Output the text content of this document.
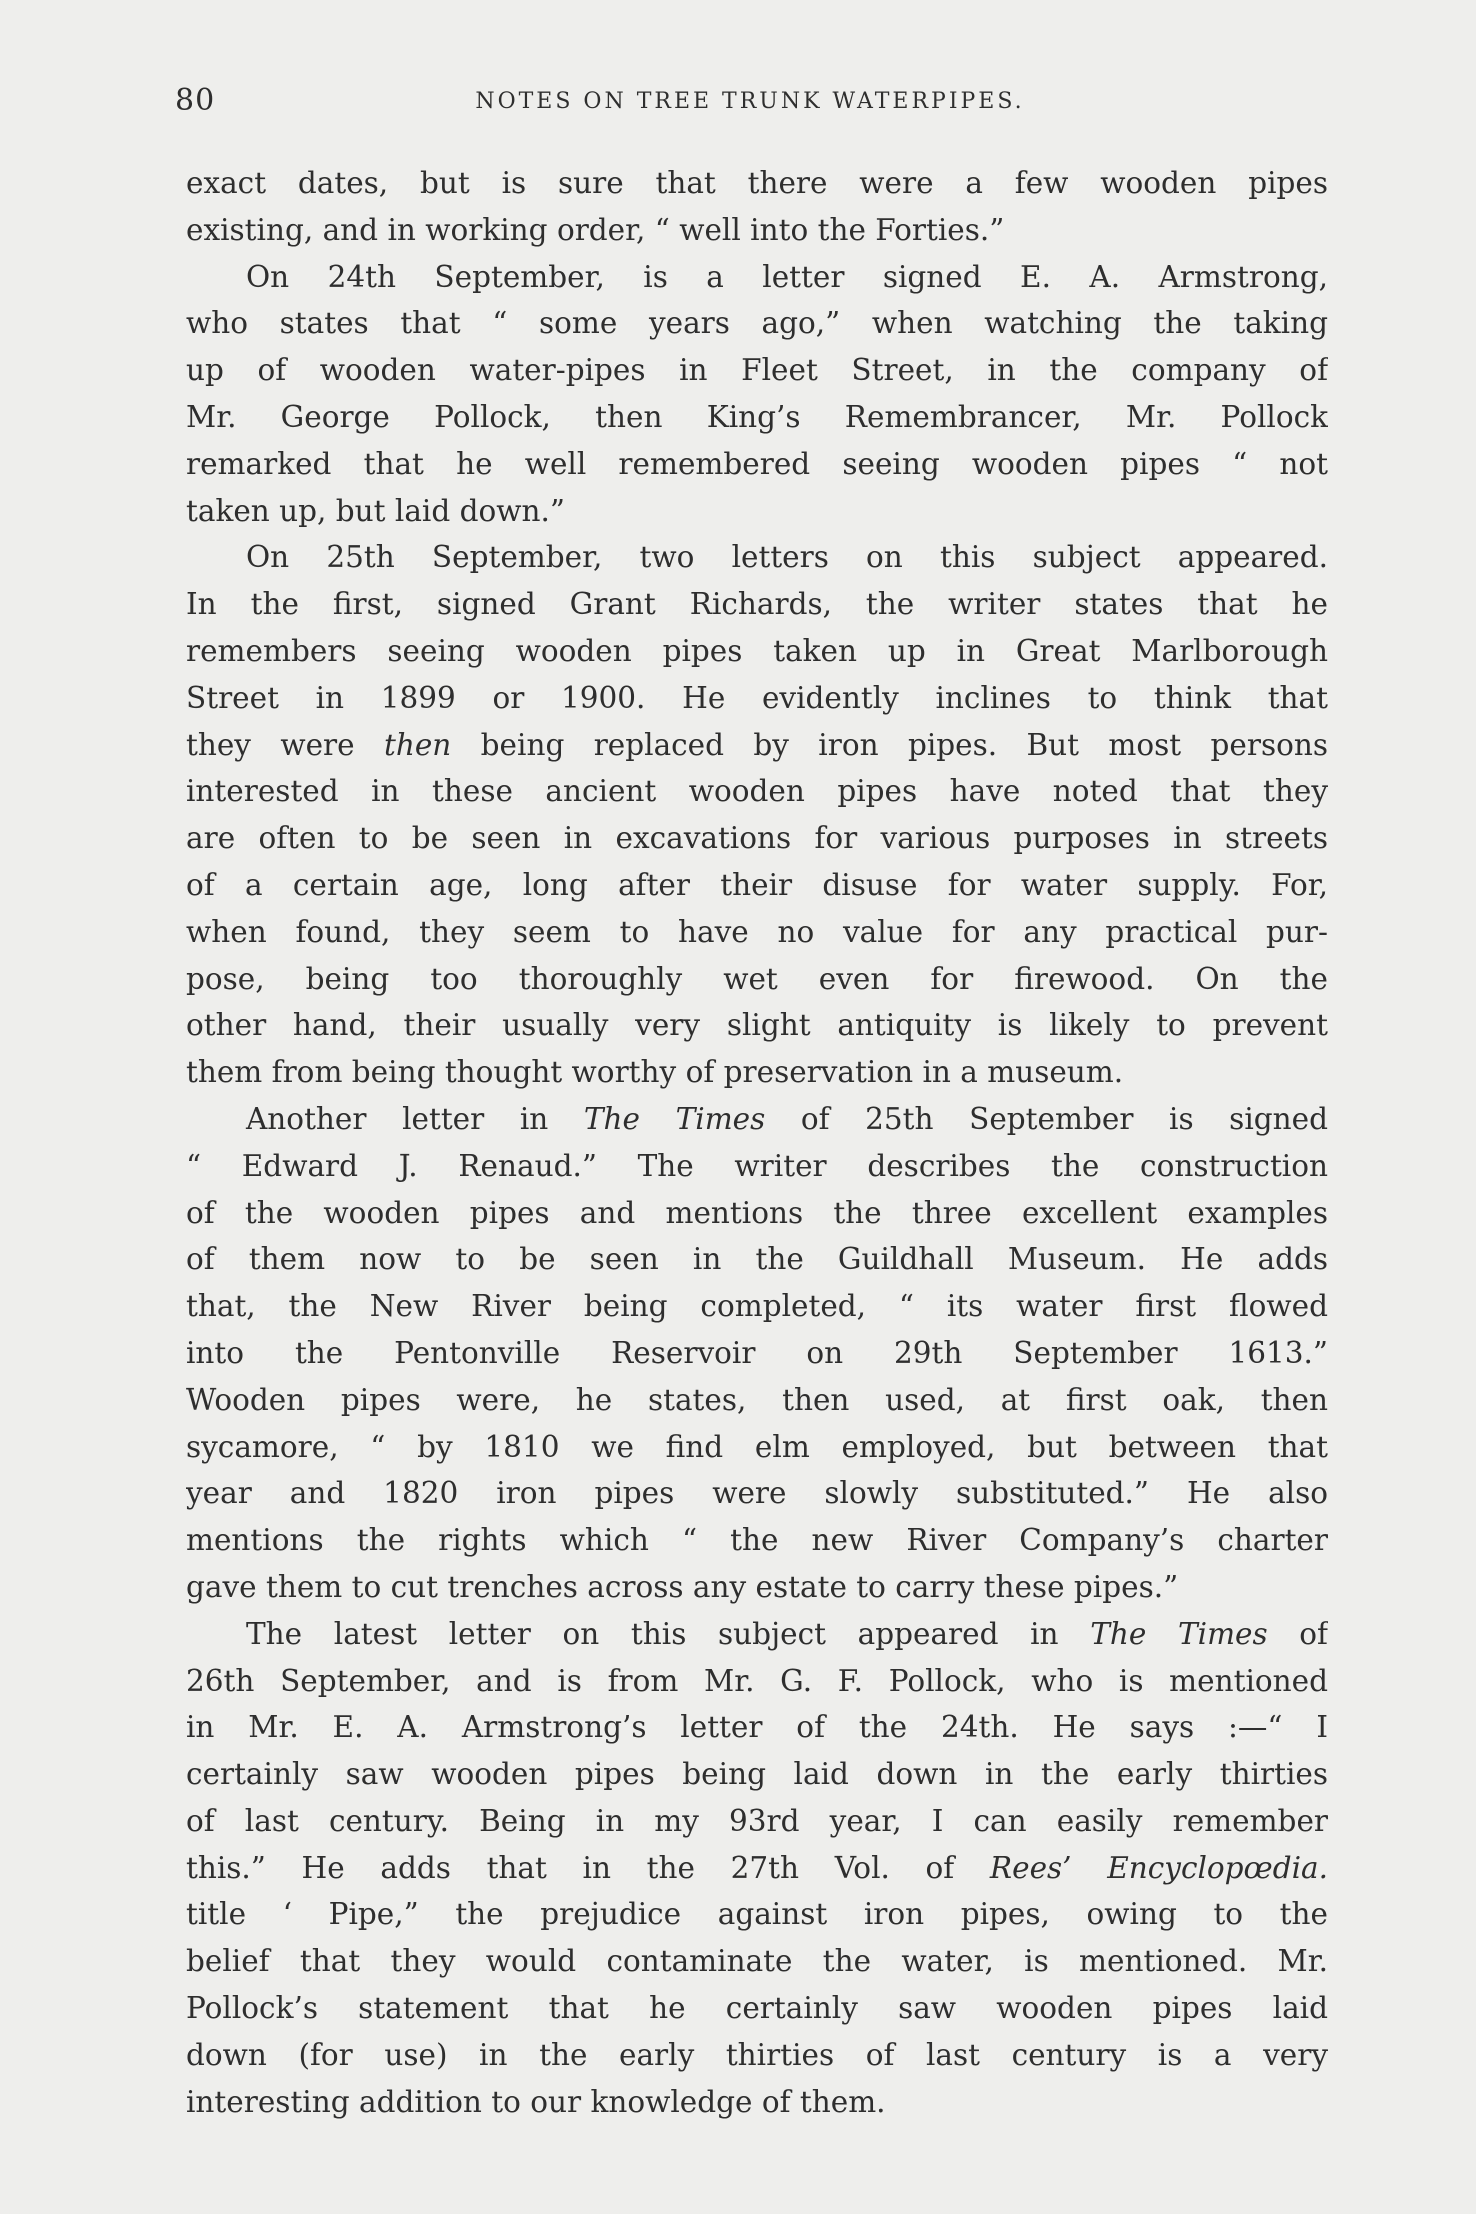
80	NOTES ON TREE TRUNK WATERPIPES.
exact dates, but is sure that there were a few wooden pipes
existing, and in working order, “ well into the Forties.”
On 24th September, is a letter signed E. A. Armstrong,
who states that “ some years ago,” when watching the taking
up of wooden water-pipes in Fleet Street, in the company of
Mr. George Pollock, then King’s Remembrancer, Mr. Pollock
remarked that he well remembered seeing wooden pipes “ not
taken up, but laid down.”
On 25th September, two letters on this subject appeared.
In the first, signed Grant Richards, the writer states that he
remembers seeing wooden pipes taken up in Great Marlborough
Street in 1899 or 1900. He evidently inclines to think that
they were then being replaced by iron pipes. But most persons
interested in these ancient wooden pipes have noted that they
are often to be seen in excavations for various purposes in streets
of a certain age, long after their disuse for water supply. For,
when found, they seem to have no value for any practical pur-
pose, being too thoroughly wet even for firewood. On the
other hand, their usually very slight antiquity is likely to prevent
them from being thought worthy of preservation in a museum.
Another letter in The Times of 25th September is signed
“ Edward J. Renaud.” The writer describes the construction
of the wooden pipes and mentions the three excellent examples
of them now to be seen in the Guildhall Museum. He adds
that, the New River being completed, “ its water first flowed
into the Pentonville Reservoir on 29th September 1613.”
Wooden pipes were, he states, then used, at first oak, then
sycamore, “ by 1810 we find elm employed, but between that
year and 1820 iron pipes were slowly substituted.” He also
mentions the rights which “ the new River Company’s charter
gave them to cut trenches across any estate to carry these pipes.”
The latest letter on this subject appeared in The Times of
26th September, and is from Mr. G. F. Pollock, who is mentioned
in Mr. E. A. Armstrong’s letter of the 24th. He says :—“ I
certainly saw wooden pipes being laid down in the early thirties
of last century. Being in my 93rd year, I can easily remember
this.” He adds that in the 27th Vol. of Rees’ Encyclopœdia.
title ‘ Pipe,” the prejudice against iron pipes, owing to the
belief that they would contaminate the water, is mentioned. Mr.
Pollock’s statement that he certainly saw wooden pipes laid
down (for use) in the early thirties of last century is a very
interesting addition to our knowledge of them.
